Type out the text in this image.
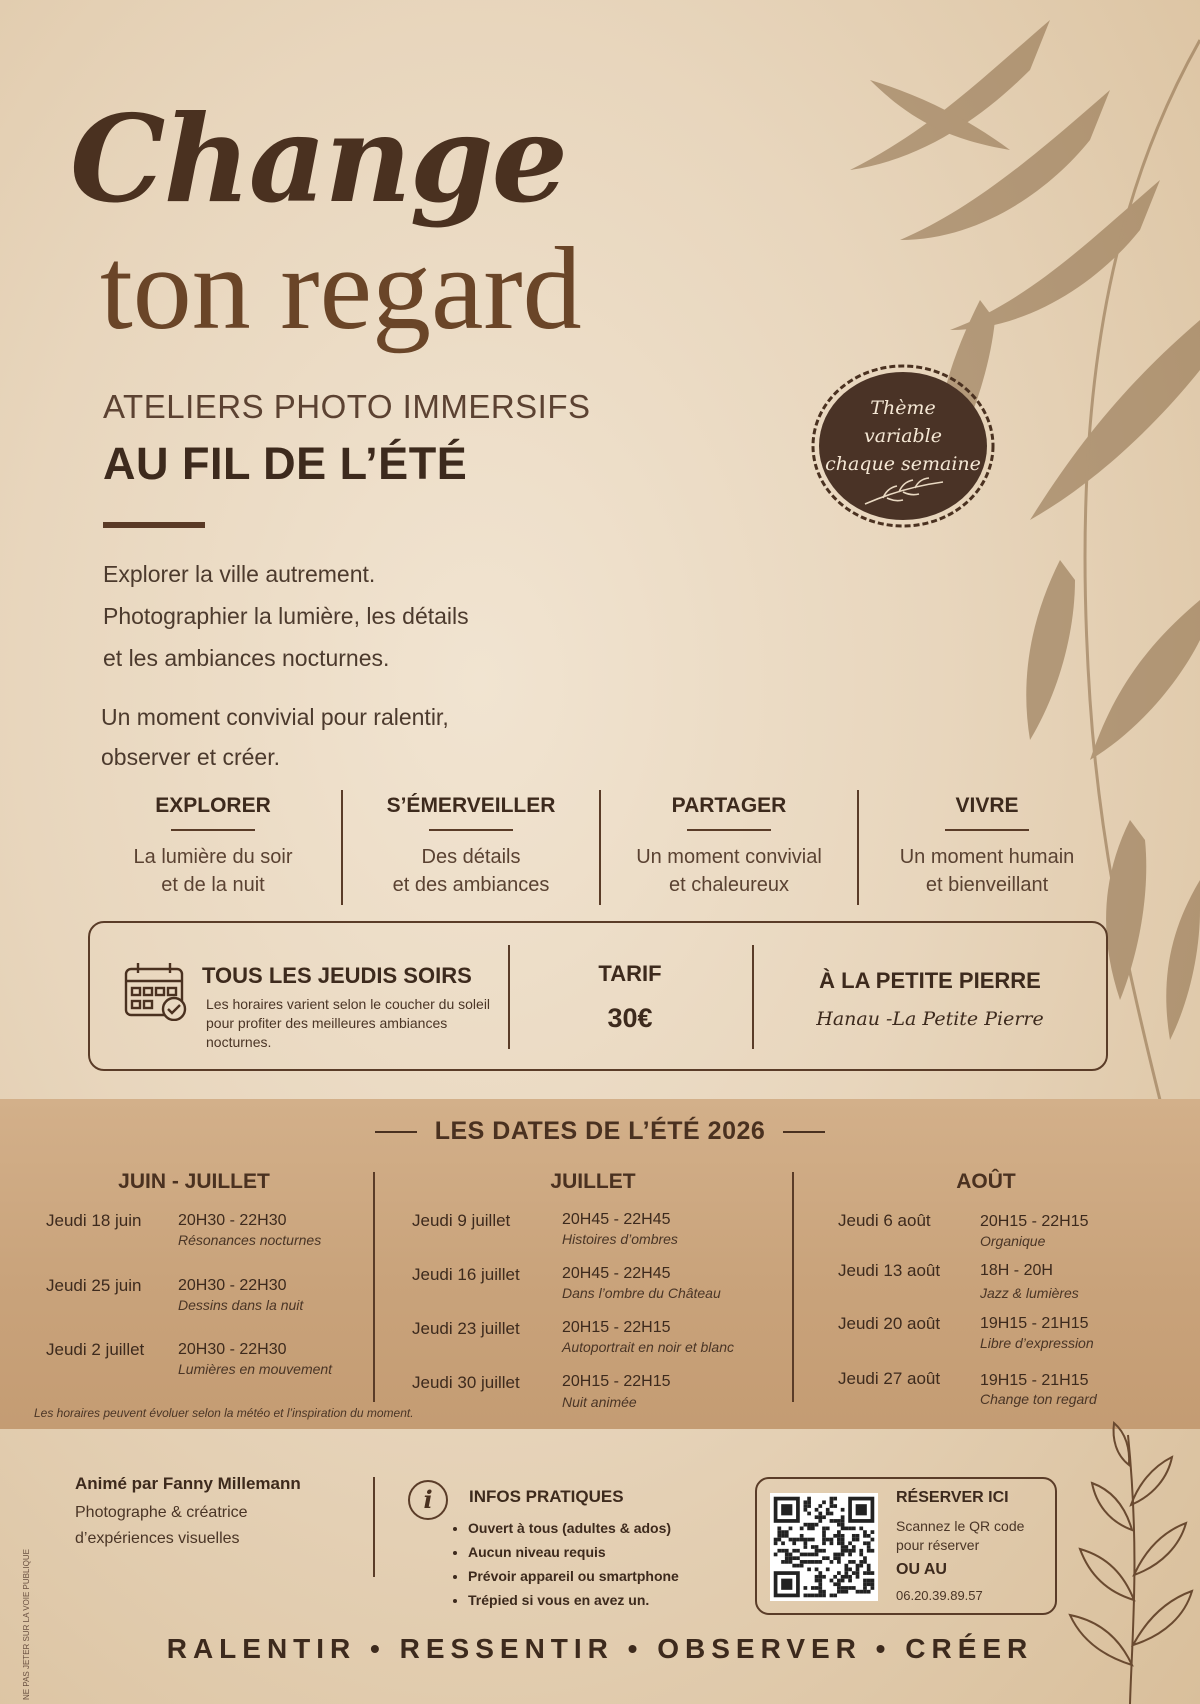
Change
ton regard
ATELIERS PHOTO IMMERSIFS
AU FIL DE L’ÉTÉ
Explorer la ville autrement.
Photographier la lumière, les détails
et les ambiances nocturnes.
Un moment convivial pour ralentir,
observer et créer.
Thème
variable
chaque semaine
EXPLORER
La lumière du soir
et de la nuit
S’ÉMERVEILLER
Des détails
et des ambiances
PARTAGER
Un moment convivial
et chaleureux
VIVRE
Un moment humain
et bienveillant
TOUS LES JEUDIS SOIRS
Les horaires varient selon le coucher du soleil pour profiter des meilleures ambiances nocturnes.
TARIF
30€
À LA PETITE PIERRE
Hanau -La Petite Pierre
LES DATES DE L’ÉTÉ 2026
JUIN - JUILLET
Jeudi 18 juin 20H30 - 22H30
Résonances nocturnes
Jeudi 25 juin 20H30 - 22H30
Dessins dans la nuit
Jeudi 2 juillet 20H30 - 22H30
Lumières en mouvement
JUILLET
Jeudi 9 juillet	20H45 - 22H45
Histoires d’ombres
Jeudi 16 juillet	20H45 - 22H45
Dans l’ombre du Château
Jeudi 23 juillet	20H15 - 22H15
Autoportrait en noir et blanc
Jeudi 30 juillet	20H15 - 22H15
Nuit animée
AOÛT
Jeudi 6 août	20H15 - 22H15
Organique
Jeudi 13 août 18H - 20H
Jazz & lumières
Jeudi 20 août 19H15 - 21H15
Libre d’expression
Jeudi 27 août 19H15 - 21H15
Change ton regard
Les horaires peuvent évoluer selon la météo et l’inspiration du moment.
Animé par Fanny Millemann
Photographe & créatrice
d’expériences visuelles
i	INFOS PRATIQUES
• Ouvert à tous (adultes & ados)
• Aucun niveau requis
• Prévoir appareil ou smartphone
• Trépied si vous en avez un.
RÉSERVER ICI
Scannez le QR code pour réserver
OU AU
06.20.39.89.57
RALENTIR • RESSENTIR • OBSERVER • CRÉER
NE PAS JETER SUR LA VOIE PUBLIQUE
